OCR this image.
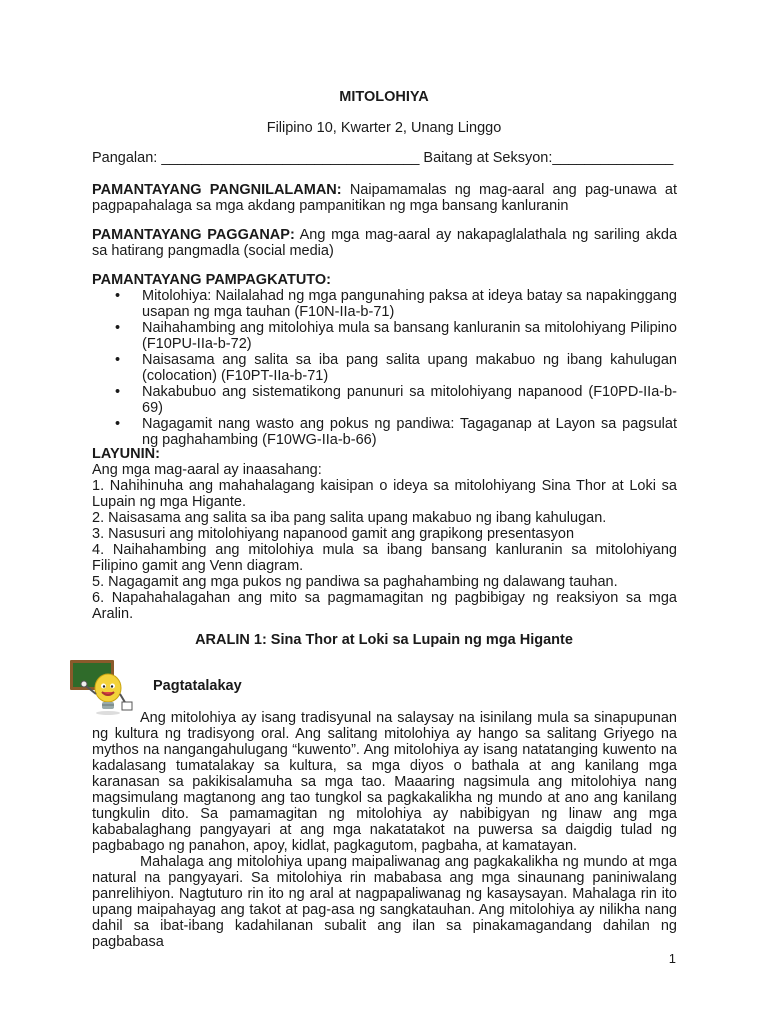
MITOLOHIYA
Filipino 10, Kwarter 2, Unang Linggo
Pangalan: ________________________________ Baitang at Seksyon:_______________
PAMANTAYANG PANGNILALAMAN: Naipamamalas ng mag-aaral ang pag-unawa at pagpapahalaga sa mga akdang pampanitikan ng mga bansang kanluranin
PAMANTAYANG PAGGANAP: Ang mga mag-aaral ay nakapaglalathala ng sariling akda sa hatirang pangmadla (social media)
PAMANTAYANG PAMPAGKATUTO:
• Mitolohiya: Nailalahad ng mga pangunahing paksa at ideya batay sa napakinggang usapan ng mga tauhan (F10N-IIa-b-71)
• Naihahambing ang mitolohiya mula sa bansang kanluranin sa mitolohiyang Pilipino (F10PU-IIa-b-72)
• Naisasama ang salita sa iba pang salita upang makabuo ng ibang kahulugan (colocation) (F10PT-IIa-b-71)
• Nakabubuo ang sistematikong panunuri sa mitolohiyang napanood (F10PD-IIa-b-69)
• Nagagamit nang wasto ang pokus ng pandiwa: Tagaganap at Layon sa pagsulat ng paghahambing (F10WG-IIa-b-66)
LAYUNIN:
Ang mga mag-aaral ay inaasahang:
1. Nahihinuha ang mahahalagang kaisipan o ideya sa mitolohiyang Sina Thor at Loki sa Lupain ng mga Higante.
2. Naisasama ang salita sa iba pang salita upang makabuo ng ibang kahulugan.
3. Nasusuri ang mitolohiyang napanood gamit ang grapikong presentasyon
4. Naihahambing ang mitolohiya mula sa ibang bansang kanluranin sa mitolohiyang Filipino gamit ang Venn diagram.
5. Nagagamit ang mga pukos ng pandiwa sa paghahambing ng dalawang tauhan.
6. Napahahalagahan ang mito sa pagmamagitan ng pagbibigay ng reaksiyon sa mga Aralin.
ARALIN 1: Sina Thor at Loki sa Lupain ng mga Higante
Pagtatalakay

Ang mitolohiya ay isang tradisyunal na salaysay na isinilang mula sa sinapupunan ng kultura ng tradisyong oral. Ang salitang mitolohiya ay hango sa salitang Griyego na mythos na nangangahulugang “kuwento”. Ang mitolohiya ay isang natatanging kuwento na kadalasang tumatalakay sa kultura, sa mga diyos o bathala at ang kanilang mga karanasan sa pakikisalamuha sa mga tao. Maaaring nagsimula ang mitolohiya nang magsimulang magtanong ang tao tungkol sa pagkakalikha ng mundo at ano ang kanilang tungkulin dito. Sa pamamagitan ng mitolohiya ay nabibigyan ng linaw ang mga kababalaghang pangyayari at ang mga nakatatakot na puwersa sa daigdig tulad ng pagbabago ng panahon, apoy, kidlat, pagkagutom, pagbaha, at kamatayan.

Mahalaga ang mitolohiya upang maipaliwanag ang pagkakalikha ng mundo at mga natural na pangyayari. Sa mitolohiya rin mababasa ang mga sinaunang paniniwalang panrelihiyon. Nagtuturo rin ito ng aral at nagpapaliwanag ng kasaysayan. Mahalaga rin ito upang maipahayag ang takot at pag-asa ng sangkatauhan. Ang mitolohiya ay nilikha nang dahil sa ibat-ibang kadahilanan subalit ang ilan sa pinakamagandang dahilan ng pagbabasa

1
